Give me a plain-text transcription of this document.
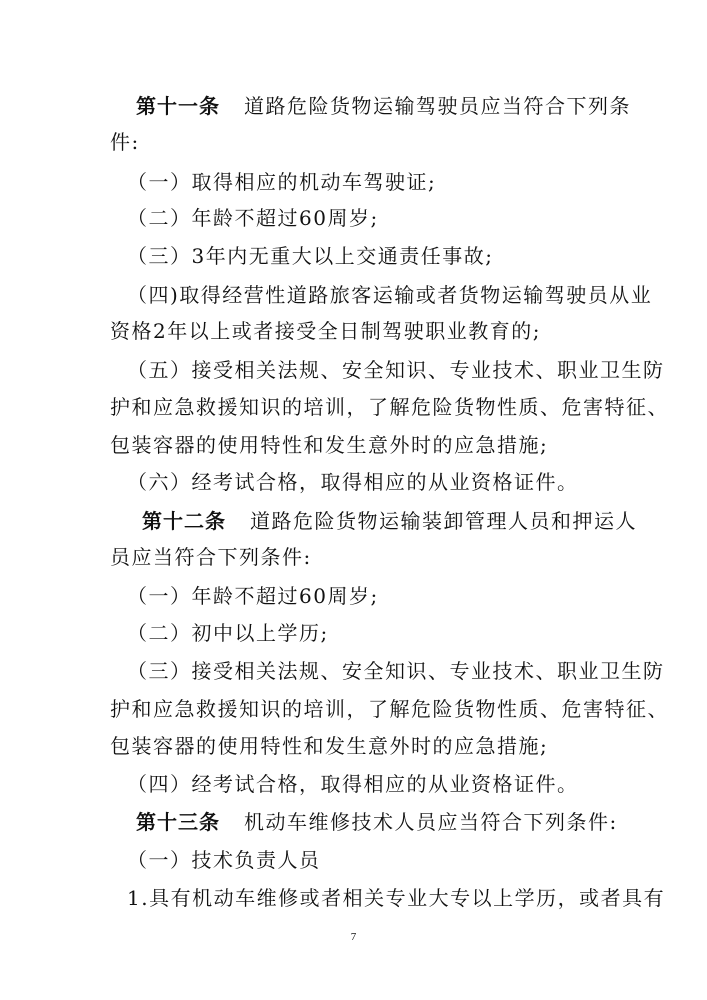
第十一条 道路危险货物运输驾驶员应当符合下列条
件:
（一）取得相应的机动车驾驶证;
（二）年龄不超过60周岁;
（三）3年内无重大以上交通责任事故;
（四)取得经营性道路旅客运输或者货物运输驾驶员从业
资格2年以上或者接受全日制驾驶职业教育的;
（五）接受相关法规、安全知识、专业技术、职业卫生防
护和应急救援知识的培训，了解危险货物性质、危害特征、
包装容器的使用特性和发生意外时的应急措施;
（六）经考试合格，取得相应的从业资格证件。
第十二条 道路危险货物运输装卸管理人员和押运人
员应当符合下列条件:
（一）年龄不超过60周岁;
（二）初中以上学历;
（三）接受相关法规、安全知识、专业技术、职业卫生防
护和应急救援知识的培训，了解危险货物性质、危害特征、
包装容器的使用特性和发生意外时的应急措施;
（四）经考试合格，取得相应的从业资格证件。
第十三条 机动车维修技术人员应当符合下列条件:
（一）技术负责人员
1.具有机动车维修或者相关专业大专以上学历，或者具有
7
